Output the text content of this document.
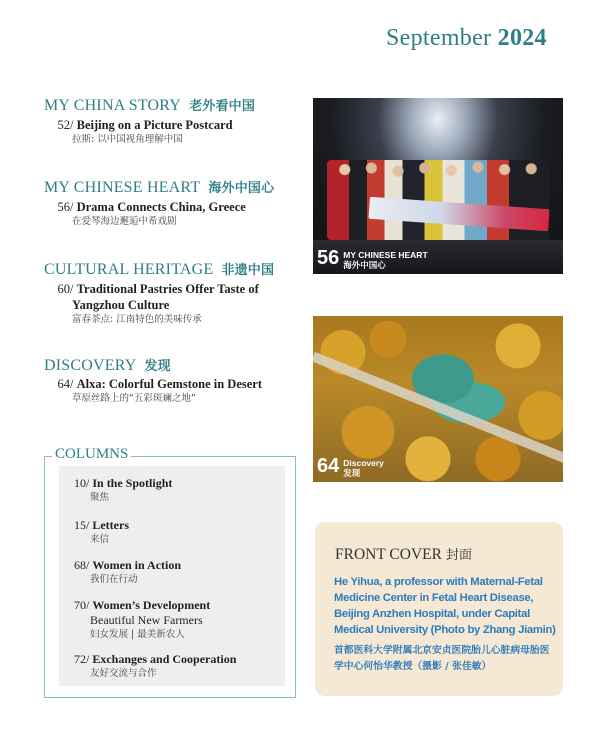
September 2024
MY CHINA STORY 老外看中国
52/ Beijing on a Picture Postcard
拉斯: 以中国视角理解中国
MY CHINESE HEART 海外中国心
56/ Drama Connects China, Greece
在爱琴海边邂逅中希戏剧
CULTURAL HERITAGE 非遗中国
60/ Traditional Pastries Offer Taste of
Yangzhou Culture
富春茶点: 江南特色的美味传承
DISCOVERY 发现
64/ Alxa: Colorful Gemstone in Desert
草原丝路上的“五彩斑斓之地”
56 MY CHINESE HEART
海外中国心
64 Discovery
发现
COLUMNS
10/ In the Spotlight
聚焦
15/ Letters
来信
68/ Women in Action
我们在行动
70/ Women’s Development
Beautiful New Farmers
妇女发展 | 最美新农人
72/ Exchanges and Cooperation
友好交流与合作
FRONT COVER 封面
He Yihua, a professor with Maternal-Fetal Medicine Center in Fetal Heart Disease, Beijing Anzhen Hospital, under Capital Medical University (Photo by Zhang Jiamin)
首都医科大学附属北京安贞医院胎儿心脏病母胎医学中心何怡华教授（摄影 / 张佳敏）
